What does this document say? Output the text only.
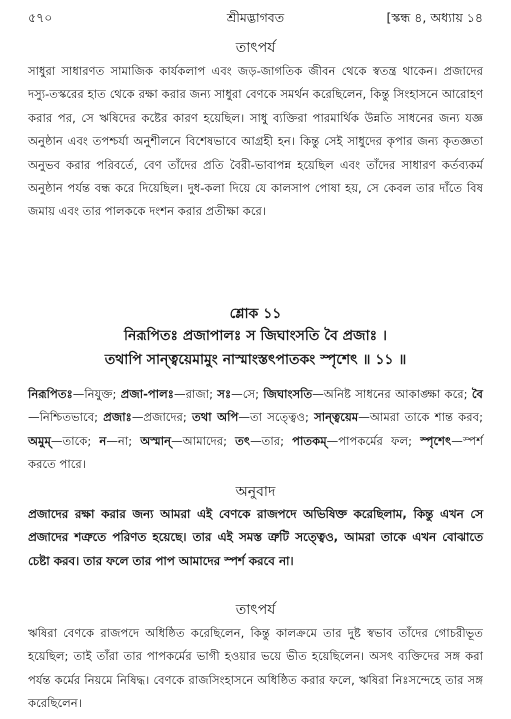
৫৭০	শ্রীমদ্ভাগবত	[স্কন্ধ ৪, অধ্যায় ১৪
তাৎপর্য
সাধুরা সাধারণত সামাজিক কার্যকলাপ এবং জড়-জাগতিক জীবন থেকে স্বতন্ত্র থাকেন। প্রজাদের দস্যু-তস্করের হাত থেকে রক্ষা করার জন্য সাধুরা বেণকে সমর্থন করেছিলেন, কিন্তু সিংহাসনে আরোহণ করার পর, সে ঋষিদের কষ্টের কারণ হয়েছিল। সাধু ব্যক্তিরা পারমার্থিক উন্নতি সাধনের জন্য যজ্ঞ অনুষ্ঠান এবং তপশ্চর্যা অনুশীলনে বিশেষভাবে আগ্রহী হন। কিন্তু সেই সাধুদের কৃপার জন্য কৃতজ্ঞতা অনুভব করার পরিবর্তে, বেণ তাঁদের প্রতি বৈরী-ভাবাপন্ন হয়েছিল এবং তাঁদের সাধারণ কর্তব্যকর্ম অনুষ্ঠান পর্যন্ত বন্ধ করে দিয়েছিল। দুধ-কলা দিয়ে যে কালসাপ পোষা হয়, সে কেবল তার দাঁতে বিষ জমায় এবং তার পালককে দংশন করার প্রতীক্ষা করে।
শ্লোক ১১
নিরূপিতঃ প্রজাপালঃ স জিঘাংসতি বৈ প্রজাঃ ।
তথাপি সান্ত্বয়েমামুং নাস্মাংস্তৎপাতকং স্পৃশেৎ ॥ ১১ ॥
নিরূপিতঃ—নিযুক্ত; প্রজা-পালঃ—রাজা; সঃ—সে; জিঘাংসতি—অনিষ্ট সাধনের আকাঙ্ক্ষা করে; বৈ—নিশ্চিতভাবে; প্রজাঃ—প্রজাদের; তথা অপি—তা সত্ত্বেও; সান্ত্বয়েম—আমরা তাকে শান্ত করব; অমুম্—তাকে; ন—না; অস্মান্—আমাদের; তৎ—তার; পাতকম্—পাপকর্মের ফল; স্পৃশেৎ—স্পর্শ করতে পারে।
অনুবাদ
প্রজাদের রক্ষা করার জন্য আমরা এই বেণকে রাজপদে অভিষিক্ত করেছিলাম, কিন্তু এখন সে প্রজাদের শত্রুতে পরিণত হয়েছে। তার এই সমস্ত ত্রুটি সত্ত্বেও, আমরা তাকে এখন বোঝাতে চেষ্টা করব। তার ফলে তার পাপ আমাদের স্পর্শ করবে না।
তাৎপর্য
ঋষিরা বেণকে রাজপদে অধিষ্ঠিত করেছিলেন, কিন্তু কালক্রমে তার দুষ্ট স্বভাব তাঁদের গোচরীভূত হয়েছিল; তাই তাঁরা তার পাপকর্মের ভাগী হওয়ার ভয়ে ভীত হয়েছিলেন। অসৎ ব্যক্তিদের সঙ্গ করা পর্যন্ত কর্মের নিয়মে নিষিদ্ধ। বেণকে রাজসিংহাসনে অধিষ্ঠিত করার ফলে, ঋষিরা নিঃসন্দেহে তার সঙ্গ করেছিলেন।
